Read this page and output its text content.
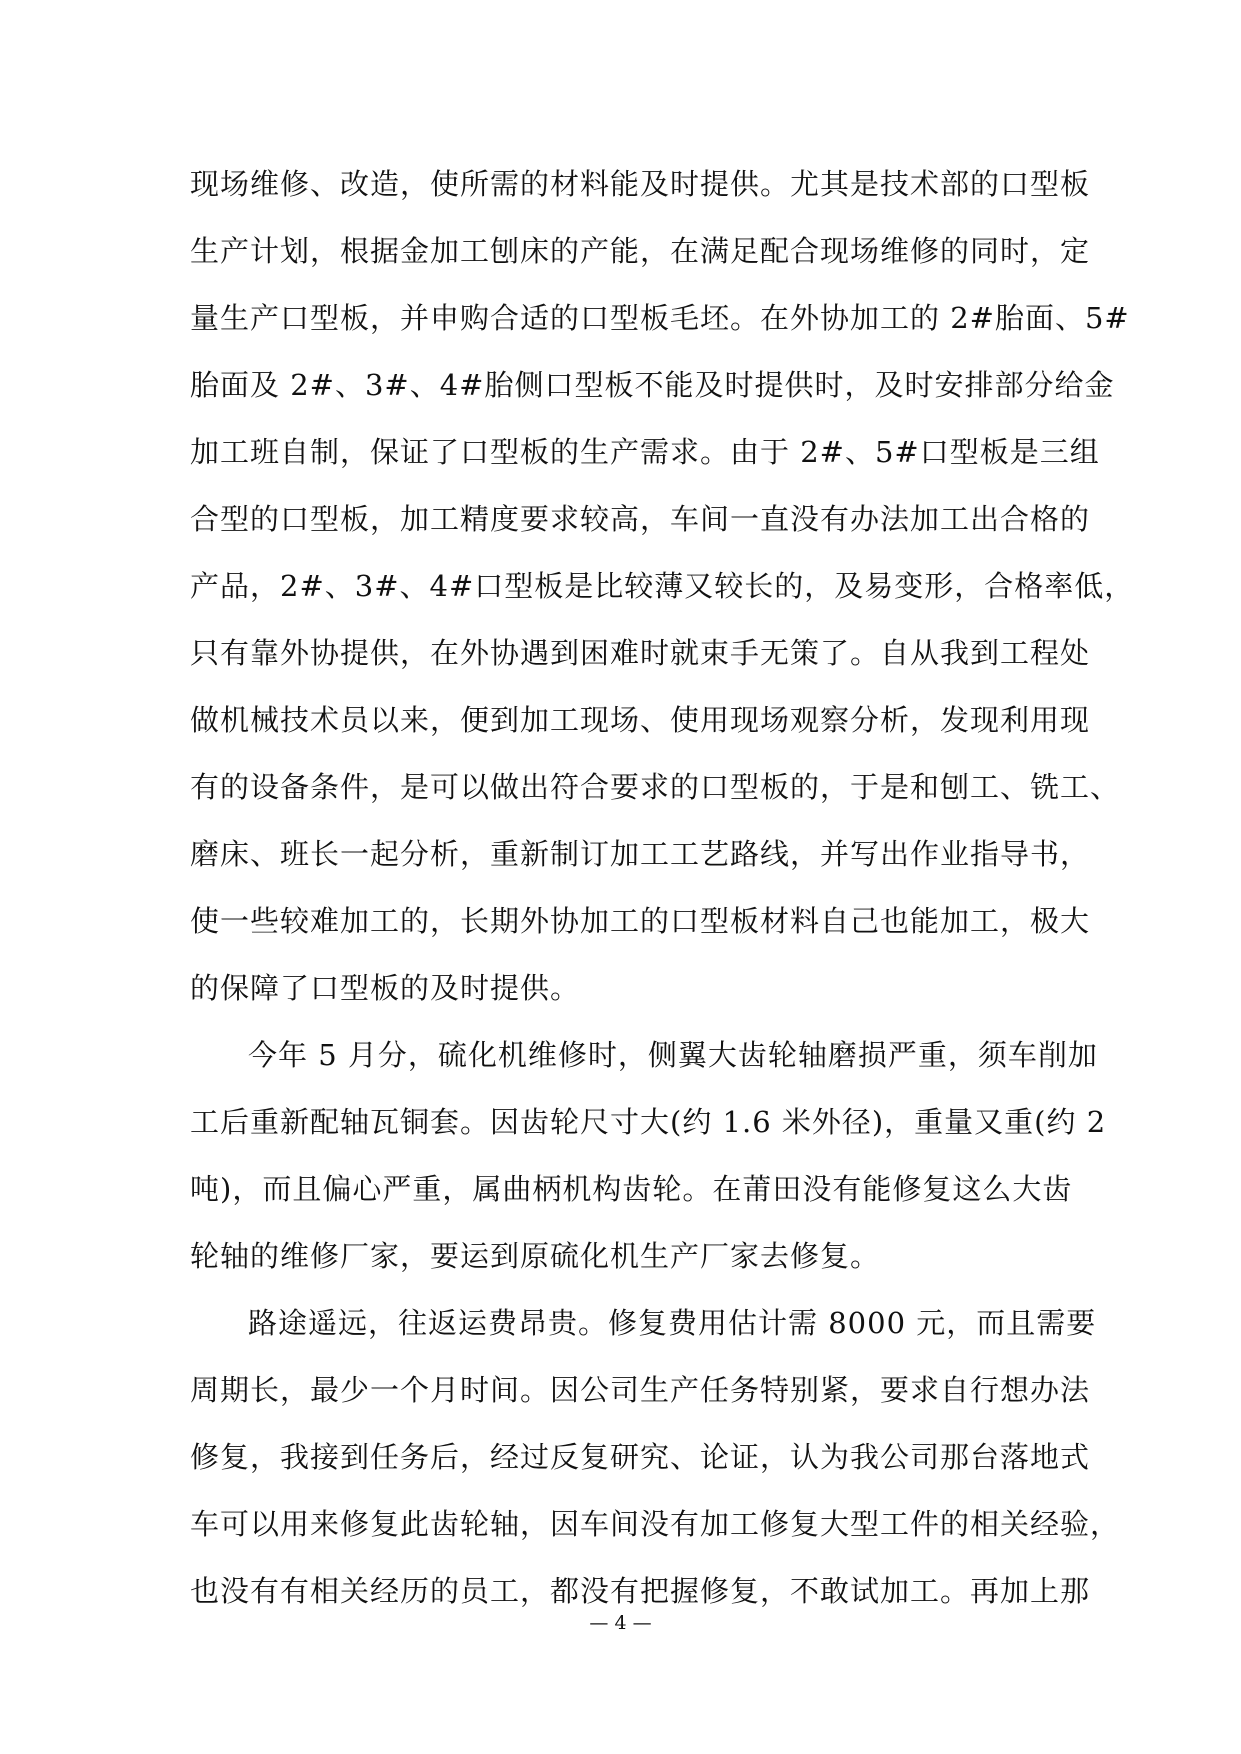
现场维修、改造，使所需的材料能及时提供。尤其是技术部的口型板
生产计划，根据金加工刨床的产能，在满足配合现场维修的同时，定
量生产口型板，并申购合适的口型板毛坯。在外协加工的 2#胎面、5#
胎面及 2#、3#、4#胎侧口型板不能及时提供时，及时安排部分给金
加工班自制，保证了口型板的生产需求。由于 2#、5#口型板是三组
合型的口型板，加工精度要求较高，车间一直没有办法加工出合格的
产品，2#、3#、4#口型板是比较薄又较长的，及易变形，合格率低，
只有靠外协提供，在外协遇到困难时就束手无策了。自从我到工程处
做机械技术员以来，便到加工现场、使用现场观察分析，发现利用现
有的设备条件，是可以做出符合要求的口型板的，于是和刨工、铣工、
磨床、班长一起分析，重新制订加工工艺路线，并写出作业指导书，
使一些较难加工的，长期外协加工的口型板材料自己也能加工，极大
的保障了口型板的及时提供。
今年 5 月分，硫化机维修时，侧翼大齿轮轴磨损严重，须车削加
工后重新配轴瓦铜套。因齿轮尺寸大(约 1.6 米外径)，重量又重(约 2
吨)，而且偏心严重，属曲柄机构齿轮。在莆田没有能修复这么大齿
轮轴的维修厂家，要运到原硫化机生产厂家去修复。
路途遥远，往返运费昂贵。修复费用估计需 8000 元，而且需要
周期长，最少一个月时间。因公司生产任务特别紧，要求自行想办法
修复，我接到任务后，经过反复研究、论证，认为我公司那台落地式
车可以用来修复此齿轮轴，因车间没有加工修复大型工件的相关经验，
也没有有相关经历的员工，都没有把握修复，不敢试加工。再加上那
— 4 —
